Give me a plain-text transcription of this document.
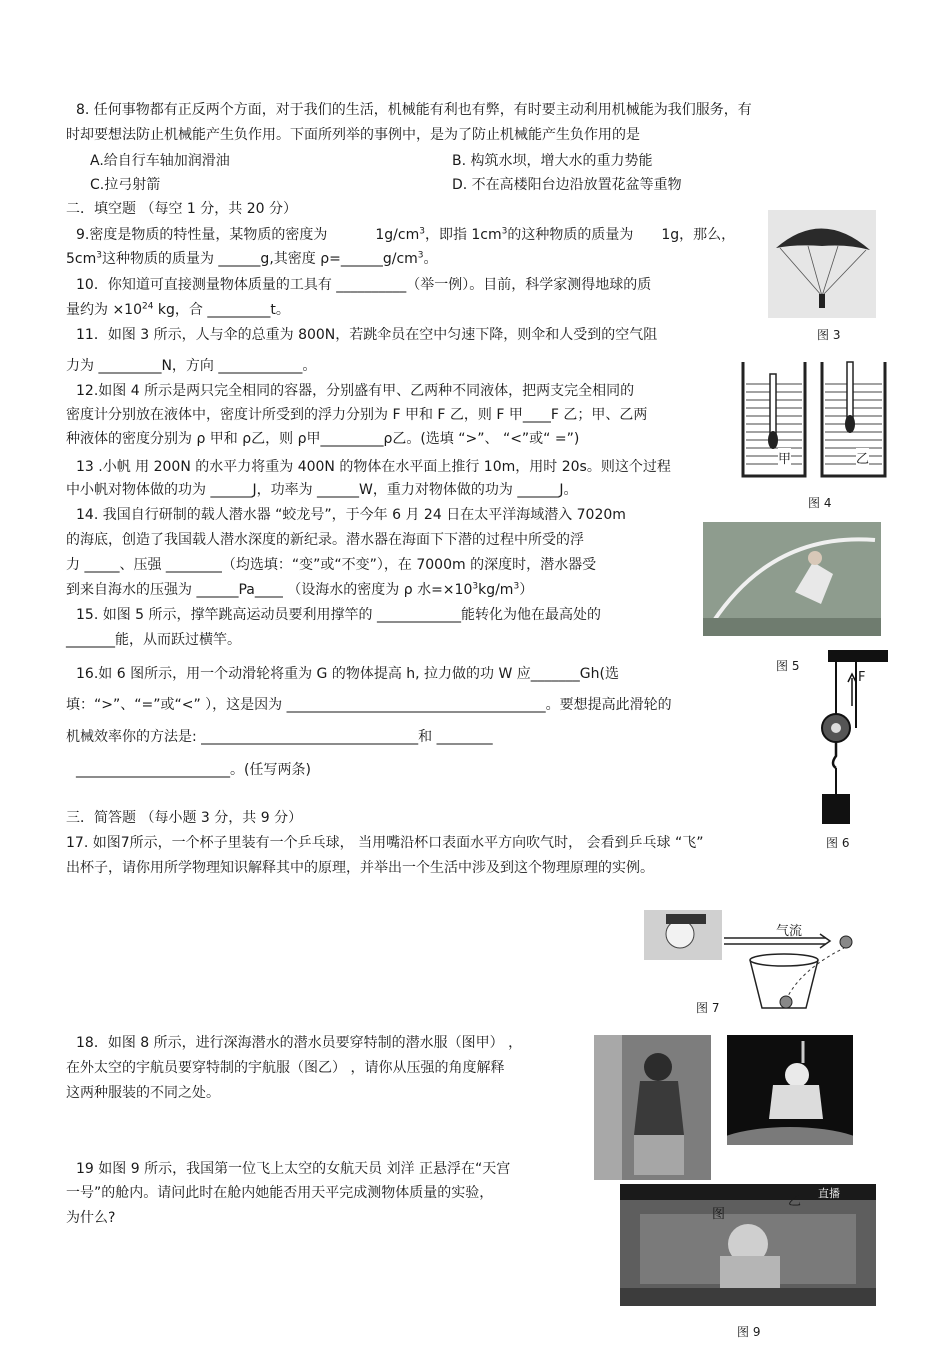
8. 任何事物都有正反两个方面，对于我们的生活，机械能有利也有弊，有时要主动利用机械能为我们服务，有
时却要想法防止机械能产生负作用。下面所列举的事例中，是为了防止机械能产生负作用的是
A.给自行车轴加润滑油	B. 构筑水坝，增大水的重力势能
C.拉弓射箭	D. 不在高楼阳台边沿放置花盆等重物
二．填空题 （每空 1 分，共 20 分）
9.密度是物质的特性量，某物质的密度为	$1g/cm^3$，即指 $1cm^3$的这种物质的质量为 1g，那么，
$5cm^3$这种物质的质量为 ______g,其密度 $\rho=\_\_\_\_\_\_g/cm^3$。
10．你知道可直接测量物体质量的工具有 __________（举一例）。目前，科学家测得地球的质
量约为 $\times 10^{24}$ kg，合 _________t。
11．如图 3 所示，人与伞的总重为 800N，若跳伞员在空中匀速下降，则伞和人受到的空气阻
力为 _________N，方向 ____________。
12.如图 4 所示是两只完全相同的容器，分别盛有甲、乙两种不同液体，把两支完全相同的
密度计分别放在液体中，密度计所受到的浮力分别为 F 甲和 F 乙，则 F 甲____F 乙；甲、乙两
种液体的密度分别为 ρ 甲和 ρ乙，则 ρ甲_________ρ乙。(选填 “>”、 “<”或“ =”)
13 .小帆 用 200N 的水平力将重为 400N 的物体在水平面上推行 10m，用时 20s。则这个过程
中小帆对物体做的功为 ______J，功率为 ______W，重力对物体做的功为 ______J。
14. 我国自行研制的载人潜水器 “蛟龙号”，于今年 6 月 24 日在太平洋海域潜入 7020m
的海底，创造了我国载人潜水深度的新纪录。潜水器在海面下下潜的过程中所受的浮
力 _____、压强 ________（均选填：“变”或“不变”），在 7000m 的深度时，潜水器受
到来自海水的压强为 ______Pa____ （设海水的密度为 ρ 水$=\times 10^3kg/m^3$）
15. 如图 5 所示，撑竿跳高运动员要利用撑竿的 ____________能转化为他在最高处的
_______能，从而跃过横竿。
16.如 6 图所示，用一个动滑轮将重为 G 的物体提高 h, 拉力做的功 W 应_______Gh(选
填：“>”、“=”或“<” ），这是因为 _____________________________________。要想提高此滑轮的
机械效率你的方法是: _______________________________和 ________
______________________。(任写两条)
三．简答题 （每小题 3 分，共 9 分）
17. 如图7所示，一个杯子里装有一个乒乓球， 当用嘴沿杯口表面水平方向吹气时， 会看到乒乓球 “飞”
出杯子，请你用所学物理知识解释其中的原理，并举出一个生活中涉及到这个物理原理的实例。
18．如图 8 所示，进行深海潜水的潜水员要穿特制的潜水服（图甲） ，
在外太空的宇航员要穿特制的宇航服（图乙） ，请你从压强的角度解释
这两种服装的不同之处。
19 如图 9 所示，我国第一位飞上太空的女航天员 刘洋 正悬浮在“天宫
一号”的舱内。请问此时在舱内她能否用天平完成测物体质量的实验，
为什么?
图 3
甲	乙
图 4
图 5
F
图 6
气流
图 7
直播
乙
图
图 9
